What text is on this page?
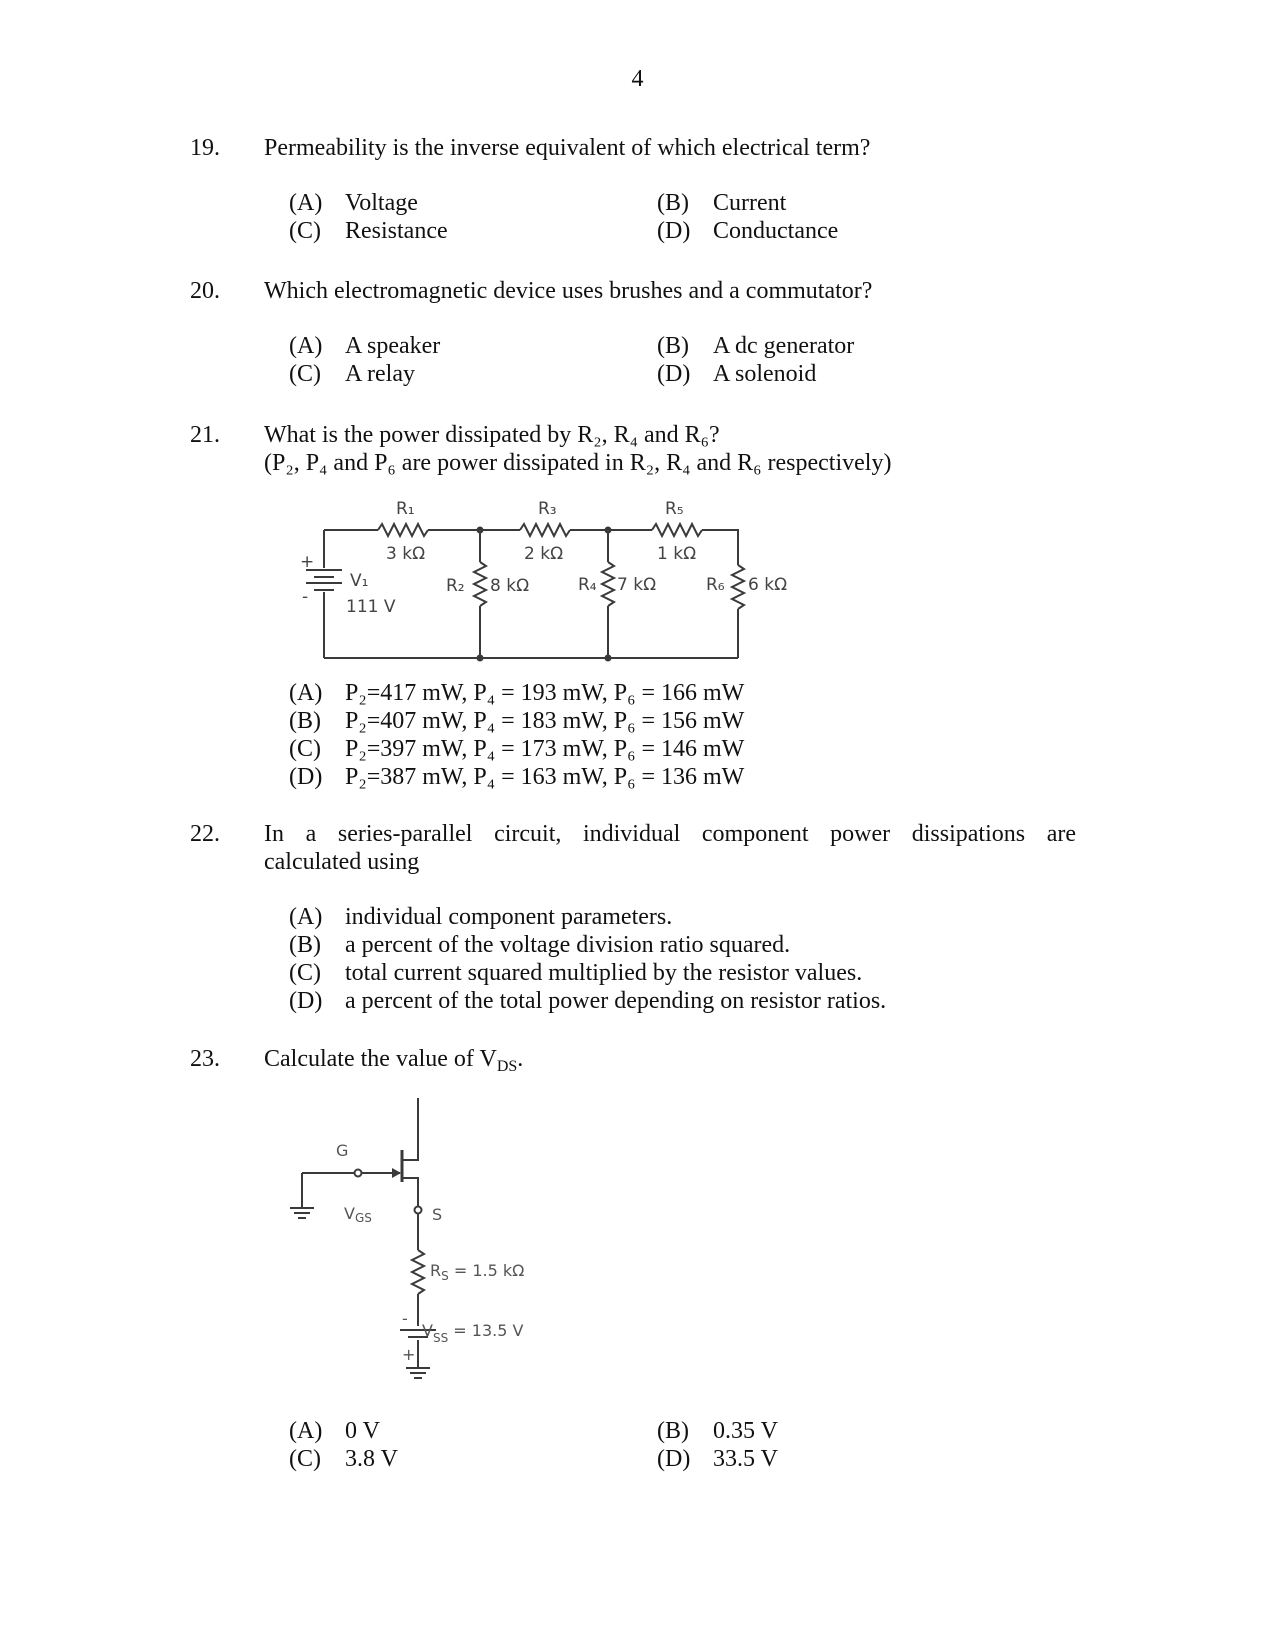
4
19. Permeability is the inverse equivalent of which electrical term?
(A) Voltage	(B) Current
(C) Resistance	(D) Conductance
20. Which electromagnetic device uses brushes and a commutator?
(A) A speaker	(B) A dc generator
(C) A relay	(D) A solenoid
21. What is the power dissipated by R₂, R₄ and R₆?
(P₂, P₄ and P₆ are power dissipated in R₂, R₄ and R₆ respectively)
R₁
3 kΩ
R₃
2 kΩ
R₅
1 kΩ
R₂ 8 kΩ	R₄ 7 kΩ	R₆ 6 kΩ
V₁
111 V
+
-
(A) P₂=417 mW, P₄ = 193 mW, P₆ = 166 mW
(B) P₂=407 mW, P₄ = 183 mW, P₆ = 156 mW
(C) P₂=397 mW, P₄ = 173 mW, P₆ = 146 mW
(D) P₂=387 mW, P₄ = 163 mW, P₆ = 136 mW
22. In a series-parallel circuit, individual component power dissipations are
calculated using
(A) individual component parameters.
(B) a percent of the voltage division ratio squared.
(C) total current squared multiplied by the resistor values.
(D) a percent of the total power depending on resistor ratios.
23. Calculate the value of $V_{DS}$.
G
VGS	S
$R_S = 1.5$ kΩ
$V_{SS} = 13.5$ V
-
+
(A) 0 V	(B) 0.35 V
(C) 3.8 V	(D) 33.5 V
